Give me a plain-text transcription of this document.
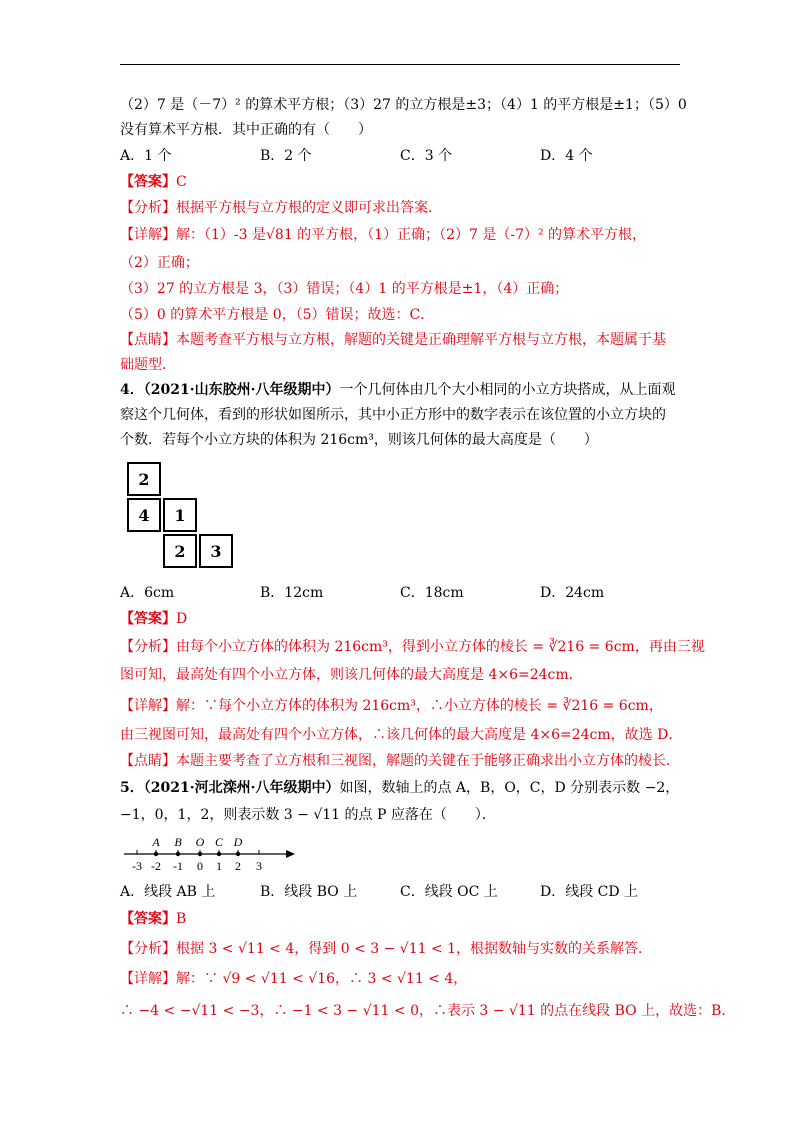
（2）7 是（－7）² 的算术平方根；（3）27 的立方根是±3；（4）1 的平方根是±1；（5）0
没有算术平方根．其中正确的有（　　）
A．1 个	B．2 个	C．3 个	D．4 个
【答案】C
【分析】根据平方根与立方根的定义即可求出答案．
【详解】解：（1）-3 是√81 的平方根，（1）正确；（2）7 是（-7）² 的算术平方根，
（2）正确；
（3）27 的立方根是 3，（3）错误；（4）1 的平方根是±1，（4）正确；
（5）0 的算术平方根是 0，（5）错误；故选：C．
【点睛】本题考查平方根与立方根，解题的关键是正确理解平方根与立方根，本题属于基
础题型．
4．（2021·山东胶州·八年级期中）一个几何体由几个大小相同的小立方块搭成，从上面观
察这个几何体，看到的形状如图所示，其中小正方形中的数字表示在该位置的小立方块的
个数．若每个小立方块的体积为 216cm³，则该几何体的最大高度是（　　）
2
4	1
2	3
A．6cm	B．12cm	C．18cm	D．24cm
【答案】D
【分析】由每个小立方体的体积为 216cm³，得到小立方体的棱长 = ∛216 = 6cm，再由三视
图可知，最高处有四个小立方体，则该几何体的最大高度是 4×6=24cm．
【详解】解：∵每个小立方体的体积为 216cm³，∴小立方体的棱长 = ∛216 = 6cm，
由三视图可知，最高处有四个小立方体，∴该几何体的最大高度是 4×6=24cm，故选 D．
【点睛】本题主要考查了立方根和三视图，解题的关键在于能够正确求出小立方体的棱长．
5．（2021·河北滦州·八年级期中）如图，数轴上的点 A，B，O，C，D 分别表示数 −2，
−1，0，1，2，则表示数 3 − √11 的点 P 应落在（　　）．
A B O C D
-3 -2 -1 0 1 2 3
A．线段 AB 上	B．线段 BO 上	C．线段 OC 上	D．线段 CD 上
【答案】B
【分析】根据 3 < √11 < 4，得到 0 < 3 − √11 < 1，根据数轴与实数的关系解答．
【详解】解：∵ √9 < √11 < √16，∴ 3 < √11 < 4，
∴ −4 < −√11 < −3，∴ −1 < 3 − √11 < 0，∴表示 3 − √11 的点在线段 BO 上，故选：B．
